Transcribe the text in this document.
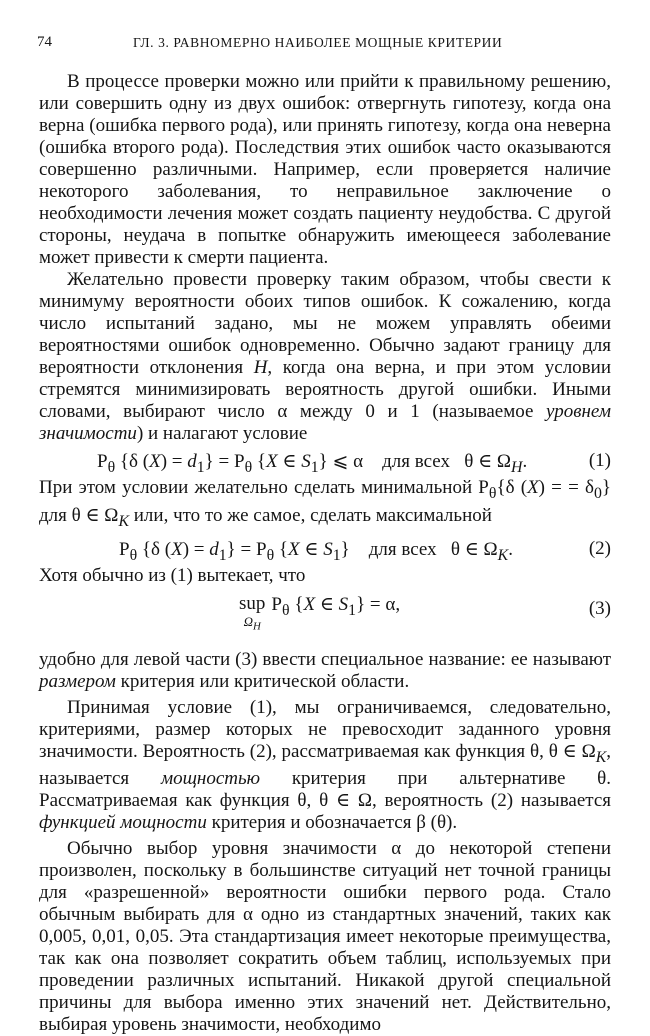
74	ГЛ. 3. РАВНОМЕРНО НАИБОЛЕЕ МОЩНЫЕ КРИТЕРИИ

В процессе проверки можно или прийти к правильному решению, или совершить одну из двух ошибок: отвергнуть гипотезу, когда она верна (ошибка первого рода), или принять гипотезу, когда она неверна (ошибка второго рода). Последствия этих ошибок часто оказываются совершенно различными. Например, если проверяется наличие некоторого заболевания, то неправильное заключение о необходимости лечения может создать пациенту неудобства. С другой стороны, неудача в попытке обнаружить имеющееся заболевание может привести к смерти пациента.

Желательно провести проверку таким образом, чтобы свести к минимуму вероятности обоих типов ошибок. К сожалению, когда число испытаний задано, мы не можем управлять обеими вероятностями ошибок одновременно. Обычно задают границу для вероятности отклонения H, когда она верна, и при этом условии стремятся минимизировать вероятность другой ошибки. Иными словами, выбирают число α между 0 и 1 (называемое уровнем значимости) и налагают условие

$P_\theta$ {δ $(X) = d_1\} = P_\theta$ {X ∈ $S_1$} ⩽ α    для всех   θ ∈ $\Omega_H$.	(1)

При этом условии желательно сделать минимальной $P_\theta\{\delta$ (X) = = $\delta_0$} для θ ∈ $\Omega_K$ или, что то же самое, сделать максимальной

$P_\theta$ {δ $(X) = d_1\} = P_\theta$ {X ∈ $S_1$}    для всех   θ ∈ $\Omega_K$.	(2)

Хотя обычно из (1) вытекает, что

sup
$\Omega_H$
$P_\theta$ {X ∈ $S_1\} = \alpha$,	(3)

удобно для левой части (3) ввести специальное название: ее называют размером критерия или критической области.

Принимая условие (1), мы ограничиваемся, следовательно, критериями, размер которых не превосходит заданного уровня значимости. Вероятность (2), рассматриваемая как функция θ, θ ∈ $\Omega_K$, называется мощностью критерия при альтернативе θ. Рассматриваемая как функция θ, θ ∈ Ω, вероятность (2) называется функцией мощности критерия и обозначается β (θ).

Обычно выбор уровня значимости α до некоторой степени произволен, поскольку в большинстве ситуаций нет точной границы для «разрешенной» вероятности ошибки первого рода. Стало обычным выбирать для α одно из стандартных значений, таких как 0,005, 0,01, 0,05. Эта стандартизация имеет некоторые преимущества, так как она позволяет сократить объем таблиц, используемых при проведении различных испытаний. Никакой другой специальной причины для выбора именно этих значений нет. Действительно, выбирая уровень значимости, необходимо
